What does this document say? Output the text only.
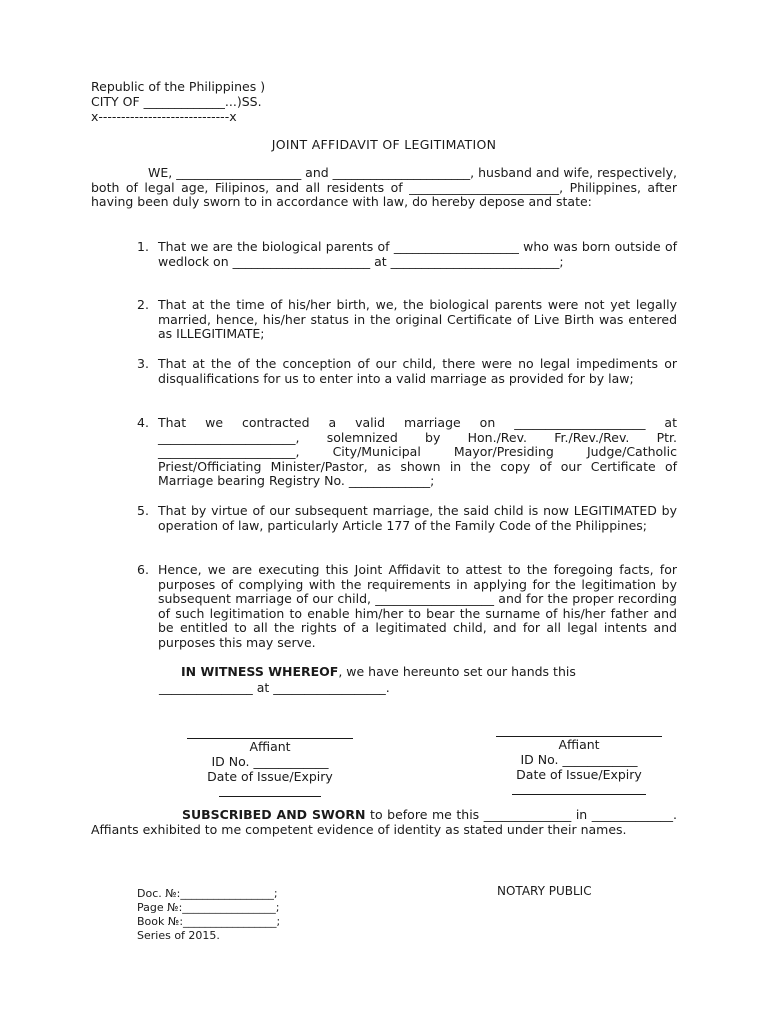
Republic of the Philippines )
CITY OF _____________...)SS.
x-----------------------------x
JOINT AFFIDAVIT OF LEGITIMATION
WE, ____________________ and ______________________, husband and wife, respectively, both of legal age, Filipinos, and all residents of ________________________, Philippines, after having been duly sworn to in accordance with law, do hereby depose and state:
1. That we are the biological parents of ____________________ who was born outside of wedlock on ______________________ at ___________________________;
2. That at the time of his/her birth, we, the biological parents were not yet legally married, hence, his/her status in the original Certificate of Live Birth was entered as ILLEGITIMATE;
3. That at the of the conception of our child, there were no legal impediments or disqualifications for us to enter into a valid marriage as provided for by law;
4. That we contracted a valid marriage on _____________________ at ______________________, solemnized by Hon./Rev. Fr./Rev./Rev. Ptr. ______________________, City/Municipal Mayor/Presiding Judge/Catholic Priest/Officiating Minister/Pastor, as shown in the copy of our Certificate of Marriage bearing Registry No. _____________;
5. That by virtue of our subsequent marriage, the said child is now LEGITIMATED by operation of law, particularly Article 177 of the Family Code of the Philippines;
6. Hence, we are executing this Joint Affidavit to attest to the foregoing facts, for purposes of complying with the requirements in applying for the legitimation by subsequent marriage of our child, ___________________ and for the proper recording of such legitimation to enable him/her to bear the surname of his/her father and be entitled to all the rights of a legitimated child, and for all legal intents and purposes this may serve.
IN WITNESS WHEREOF, we have hereunto set our hands this
_______________ at __________________.
Affiant
ID No. ____________
Date of Issue/Expiry
Affiant
ID No. ____________
Date of Issue/Expiry
SUBSCRIBED AND SWORN to before me this ______________ in _____________. Affiants exhibited to me competent evidence of identity as stated under their names.
Doc. №:_________________;
Page №:_________________;
Book №:_________________;
Series of 2015.
NOTARY PUBLIC
